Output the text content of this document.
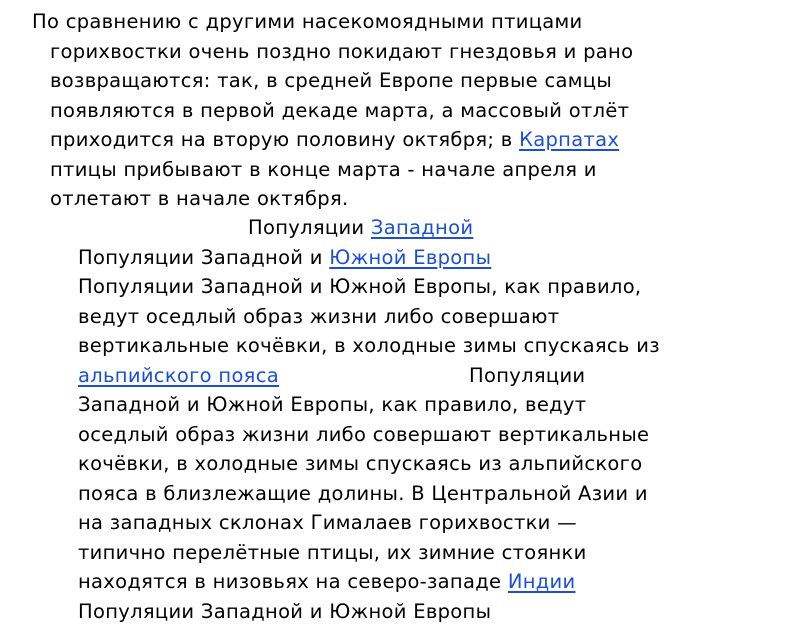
По сравнению с другими насекомоядными птицами
горихвостки очень поздно покидают гнездовья и рано
возвращаются: так, в средней Европе первые самцы
появляются в первой декаде марта, а массовый отлёт
приходится на вторую половину октября; в Карпатах
птицы прибывают в конце марта - начале апреля и
отлетают в начале октября.

Популяции Западной
Популяции Западной и Южной Европы
Популяции Западной и Южной Европы, как правило,
ведут оседлый образ жизни либо совершают
вертикальные кочёвки, в холодные зимы спускаясь из
альпийского пояса	Популяции
Западной и Южной Европы, как правило, ведут
оседлый образ жизни либо совершают вертикальные
кочёвки, в холодные зимы спускаясь из альпийского
пояса в близлежащие долины. В Центральной Азии и
на западных склонах Гималаев горихвостки —
типично перелётные птицы, их зимние стоянки
находятся в низовьях на северо-западе Индии
Популяции Западной и Южной Европы
